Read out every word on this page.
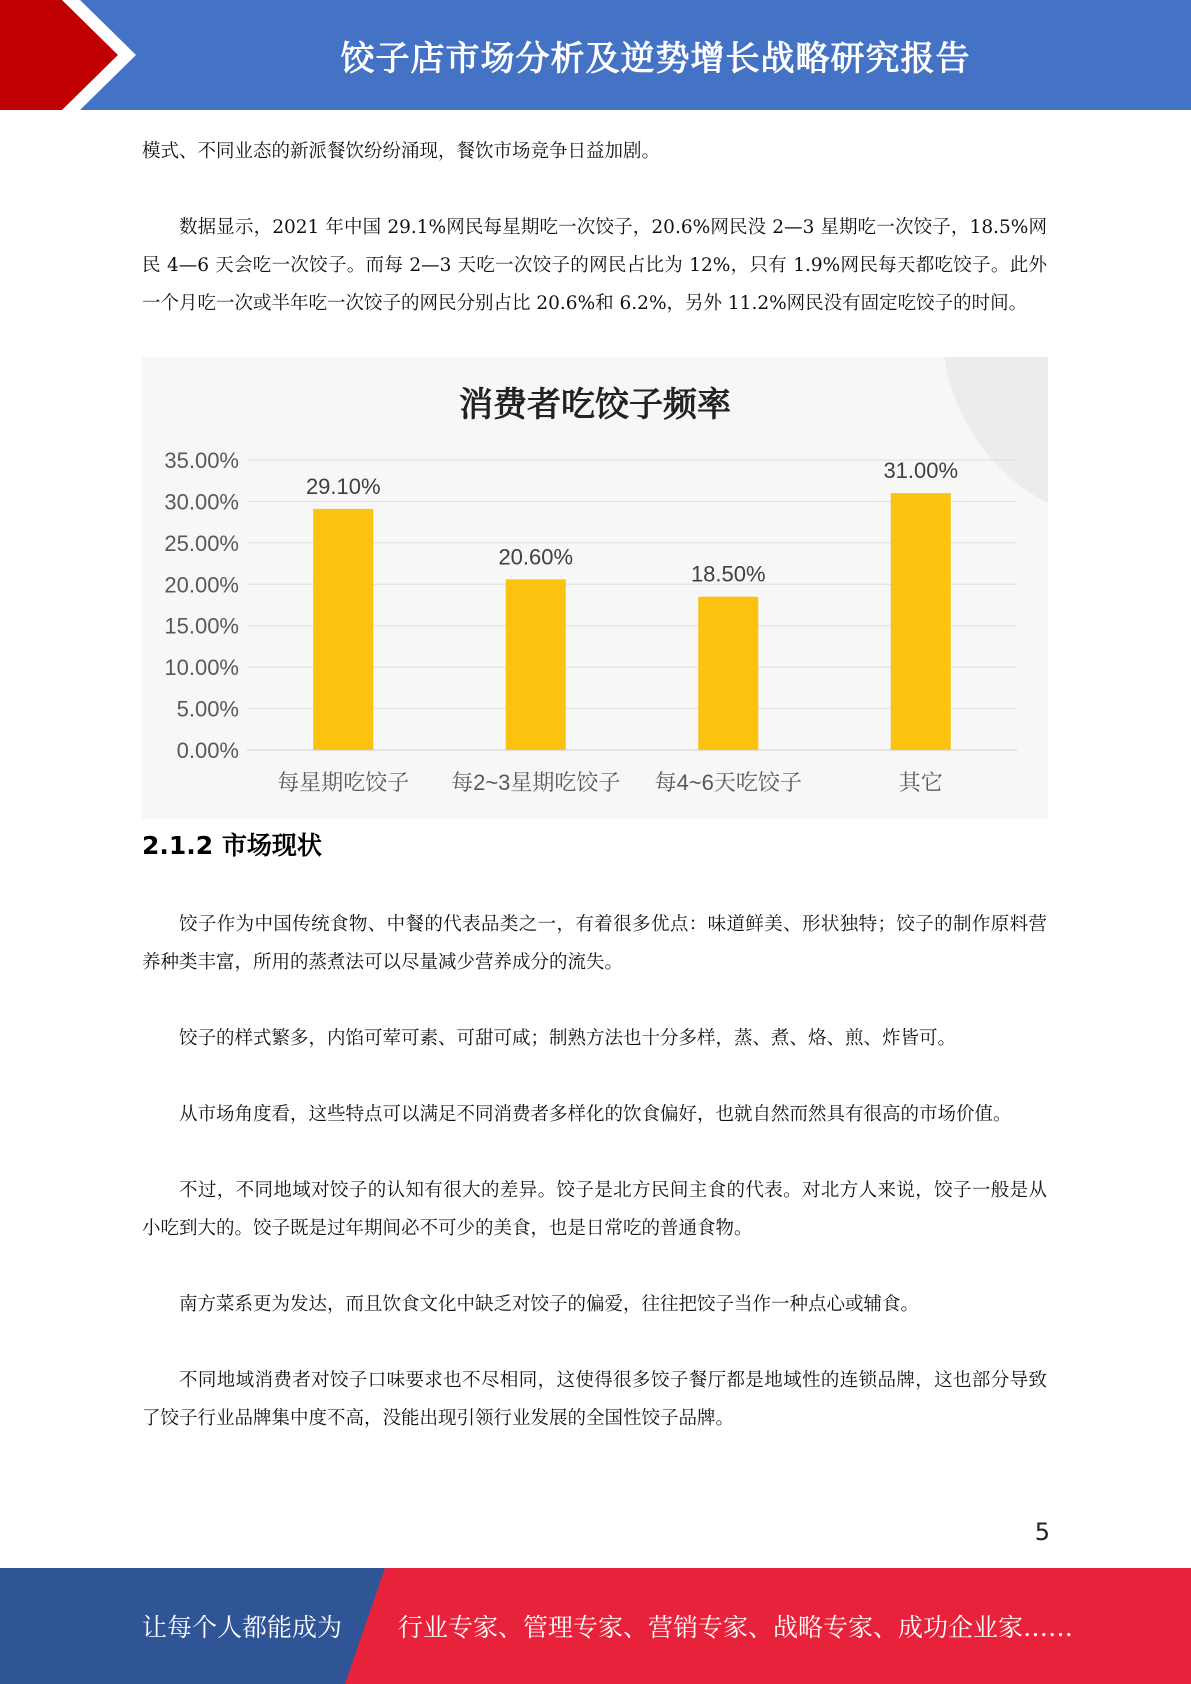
饺子店市场分析及逆势增长战略研究报告

模式、不同业态的新派餐饮纷纷涌现，餐饮市场竞争日益加剧。

数据显示，2021 年中国 29.1%网民每星期吃一次饺子，20.6%网民没 2—3 星期吃一次饺子，18.5%网民 4—6 天会吃一次饺子。而每 2—3 天吃一次饺子的网民占比为 12%，只有 1.9%网民每天都吃饺子。此外一个月吃一次或半年吃一次饺子的网民分别占比 20.6%和 6.2%，另外 11.2%网民没有固定吃饺子的时间。

0.00%
5.00%
10.00%
15.00%
20.00%
25.00%
30.00%
35.00%
29.10%
每星期吃饺子
20.60%
每2~3星期吃饺子
18.50%
每4~6天吃饺子
31.00%
其它
消费者吃饺子频率
2.1.2 市场现状

饺子作为中国传统食物、中餐的代表品类之一，有着很多优点：味道鲜美、形状独特；饺子的制作原料营养种类丰富，所用的蒸煮法可以尽量减少营养成分的流失。

饺子的样式繁多，内馅可荤可素、可甜可咸；制熟方法也十分多样，蒸、煮、烙、煎、炸皆可。

从市场角度看，这些特点可以满足不同消费者多样化的饮食偏好，也就自然而然具有很高的市场价值。

不过，不同地域对饺子的认知有很大的差异。饺子是北方民间主食的代表。对北方人来说，饺子一般是从小吃到大的。饺子既是过年期间必不可少的美食，也是日常吃的普通食物。

南方菜系更为发达，而且饮食文化中缺乏对饺子的偏爱，往往把饺子当作一种点心或辅食。

不同地域消费者对饺子口味要求也不尽相同，这使得很多饺子餐厅都是地域性的连锁品牌，这也部分导致了饺子行业品牌集中度不高，没能出现引领行业发展的全国性饺子品牌。

5
让每个人都能成为 行业专家、管理专家、营销专家、战略专家、成功企业家……
